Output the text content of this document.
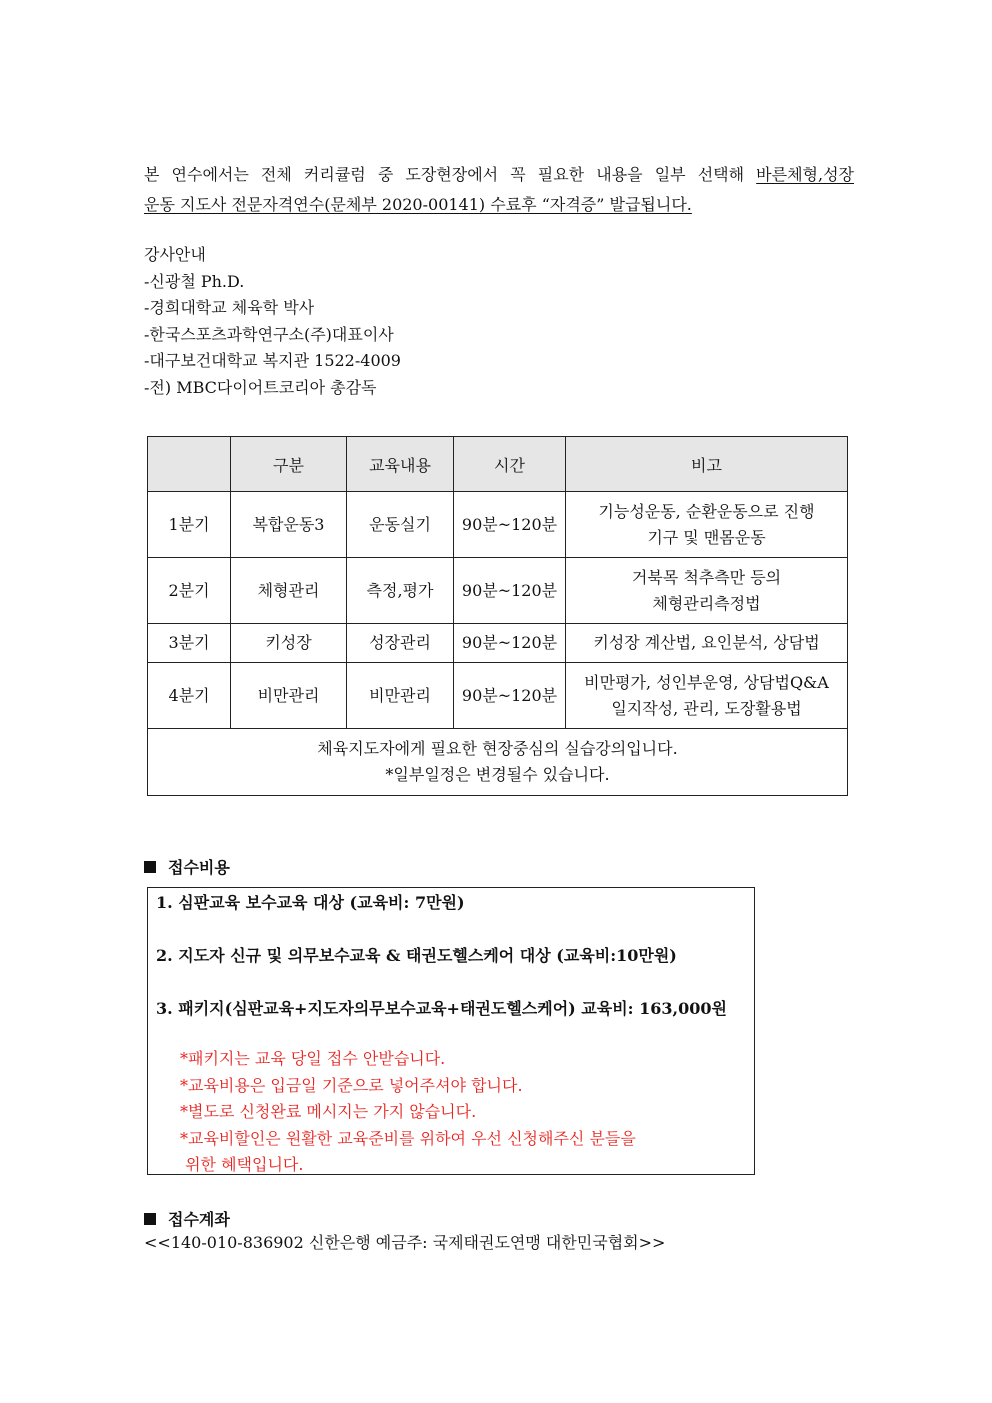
본 연수에서는 전체 커리큘럼 중 도장현장에서 꼭 필요한 내용을 일부 선택해 바른체형,성장
운동 지도사 전문자격연수(문체부 2020-00141) 수료후 “자격증” 발급됩니다.
강사안내
-신광철 Ph.D.
-경희대학교 체육학 박사
-한국스포츠과학연구소(주)대표이사
-대구보건대학교 복지관 1522-4009
-전) MBC다이어트코리아 총감독
	구분	교육내용	시간	비고
1분기	복합운동3	운동실기	90분~120분	기능성운동, 순환운동으로 진행
기구 및 맨몸운동

2분기	체형관리	측정,평가	90분~120분	거북목 척추측만 등의
체형관리측정법

3분기	키성장	성장관리	90분~120분	키성장 계산법, 요인분석, 상담법

4분기	비만관리	비만관리	90분~120분	비만평가, 성인부운영, 상담법Q&A
일지작성, 관리, 도장활용법

체육지도자에게 필요한 현장중심의 실습강의입니다.
*일부일정은 변경될수 있습니다.				
접수비용
1. 심판교육 보수교육 대상 (교육비: 7만원)
2. 지도자 신규 및 의무보수교육 & 태권도헬스케어 대상 (교육비:10만원)
3. 패키지(심판교육+지도자의무보수교육+태권도헬스케어) 교육비: 163,000원
*패키지는 교육 당일 접수 안받습니다.
*교육비용은 입금일 기준으로 넣어주셔야 합니다.
*별도로 신청완료 메시지는 가지 않습니다.
*교육비할인은 원활한 교육준비를 위하여 우선 신청해주신 분들을
위한 혜택입니다.
접수계좌
<<140-010-836902 신한은행 예금주: 국제태권도연맹 대한민국협회>>
